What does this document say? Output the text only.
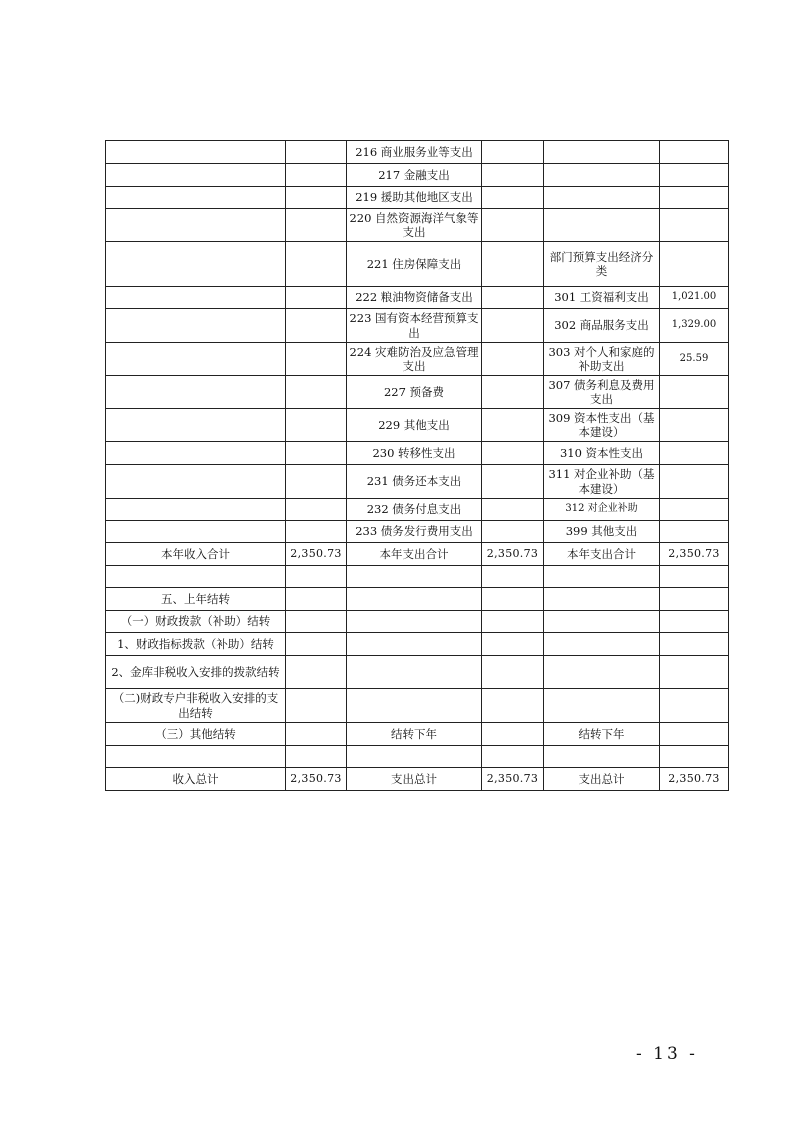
		216 商业服务业等支出			
		217 金融支出			
		219 援助其他地区支出			
		220 自然资源海洋气象等支出			
		221 住房保障支出		部门预算支出经济分类	
		222 粮油物资储备支出		301 工资福利支出	1,021.00
		223 国有资本经营预算支出		302 商品服务支出	1,329.00
		224 灾难防治及应急管理支出		303 对个人和家庭的补助支出	25.59
		227 预备费		307 债务利息及费用支出	
		229 其他支出		309 资本性支出（基本建设）	
		230 转移性支出		310 资本性支出	
		231 债务还本支出		311 对企业补助（基本建设）	
		232 债务付息支出		312 对企业补助	
		233 债务发行费用支出		399 其他支出	
本年收入合计	2,350.73	本年支出合计	2,350.73	本年支出合计	2,350.73

五、上年结转					
（一）财政拨款（补助）结转					
1、财政指标拨款（补助）结转					
2、金库非税收入安排的拨款结转					
（二)财政专户非税收入安排的支出结转					
（三）其他结转		结转下年		结转下年	

收入总计	2,350.73	支出总计	2,350.73	支出总计	2,350.73
- 13 -
